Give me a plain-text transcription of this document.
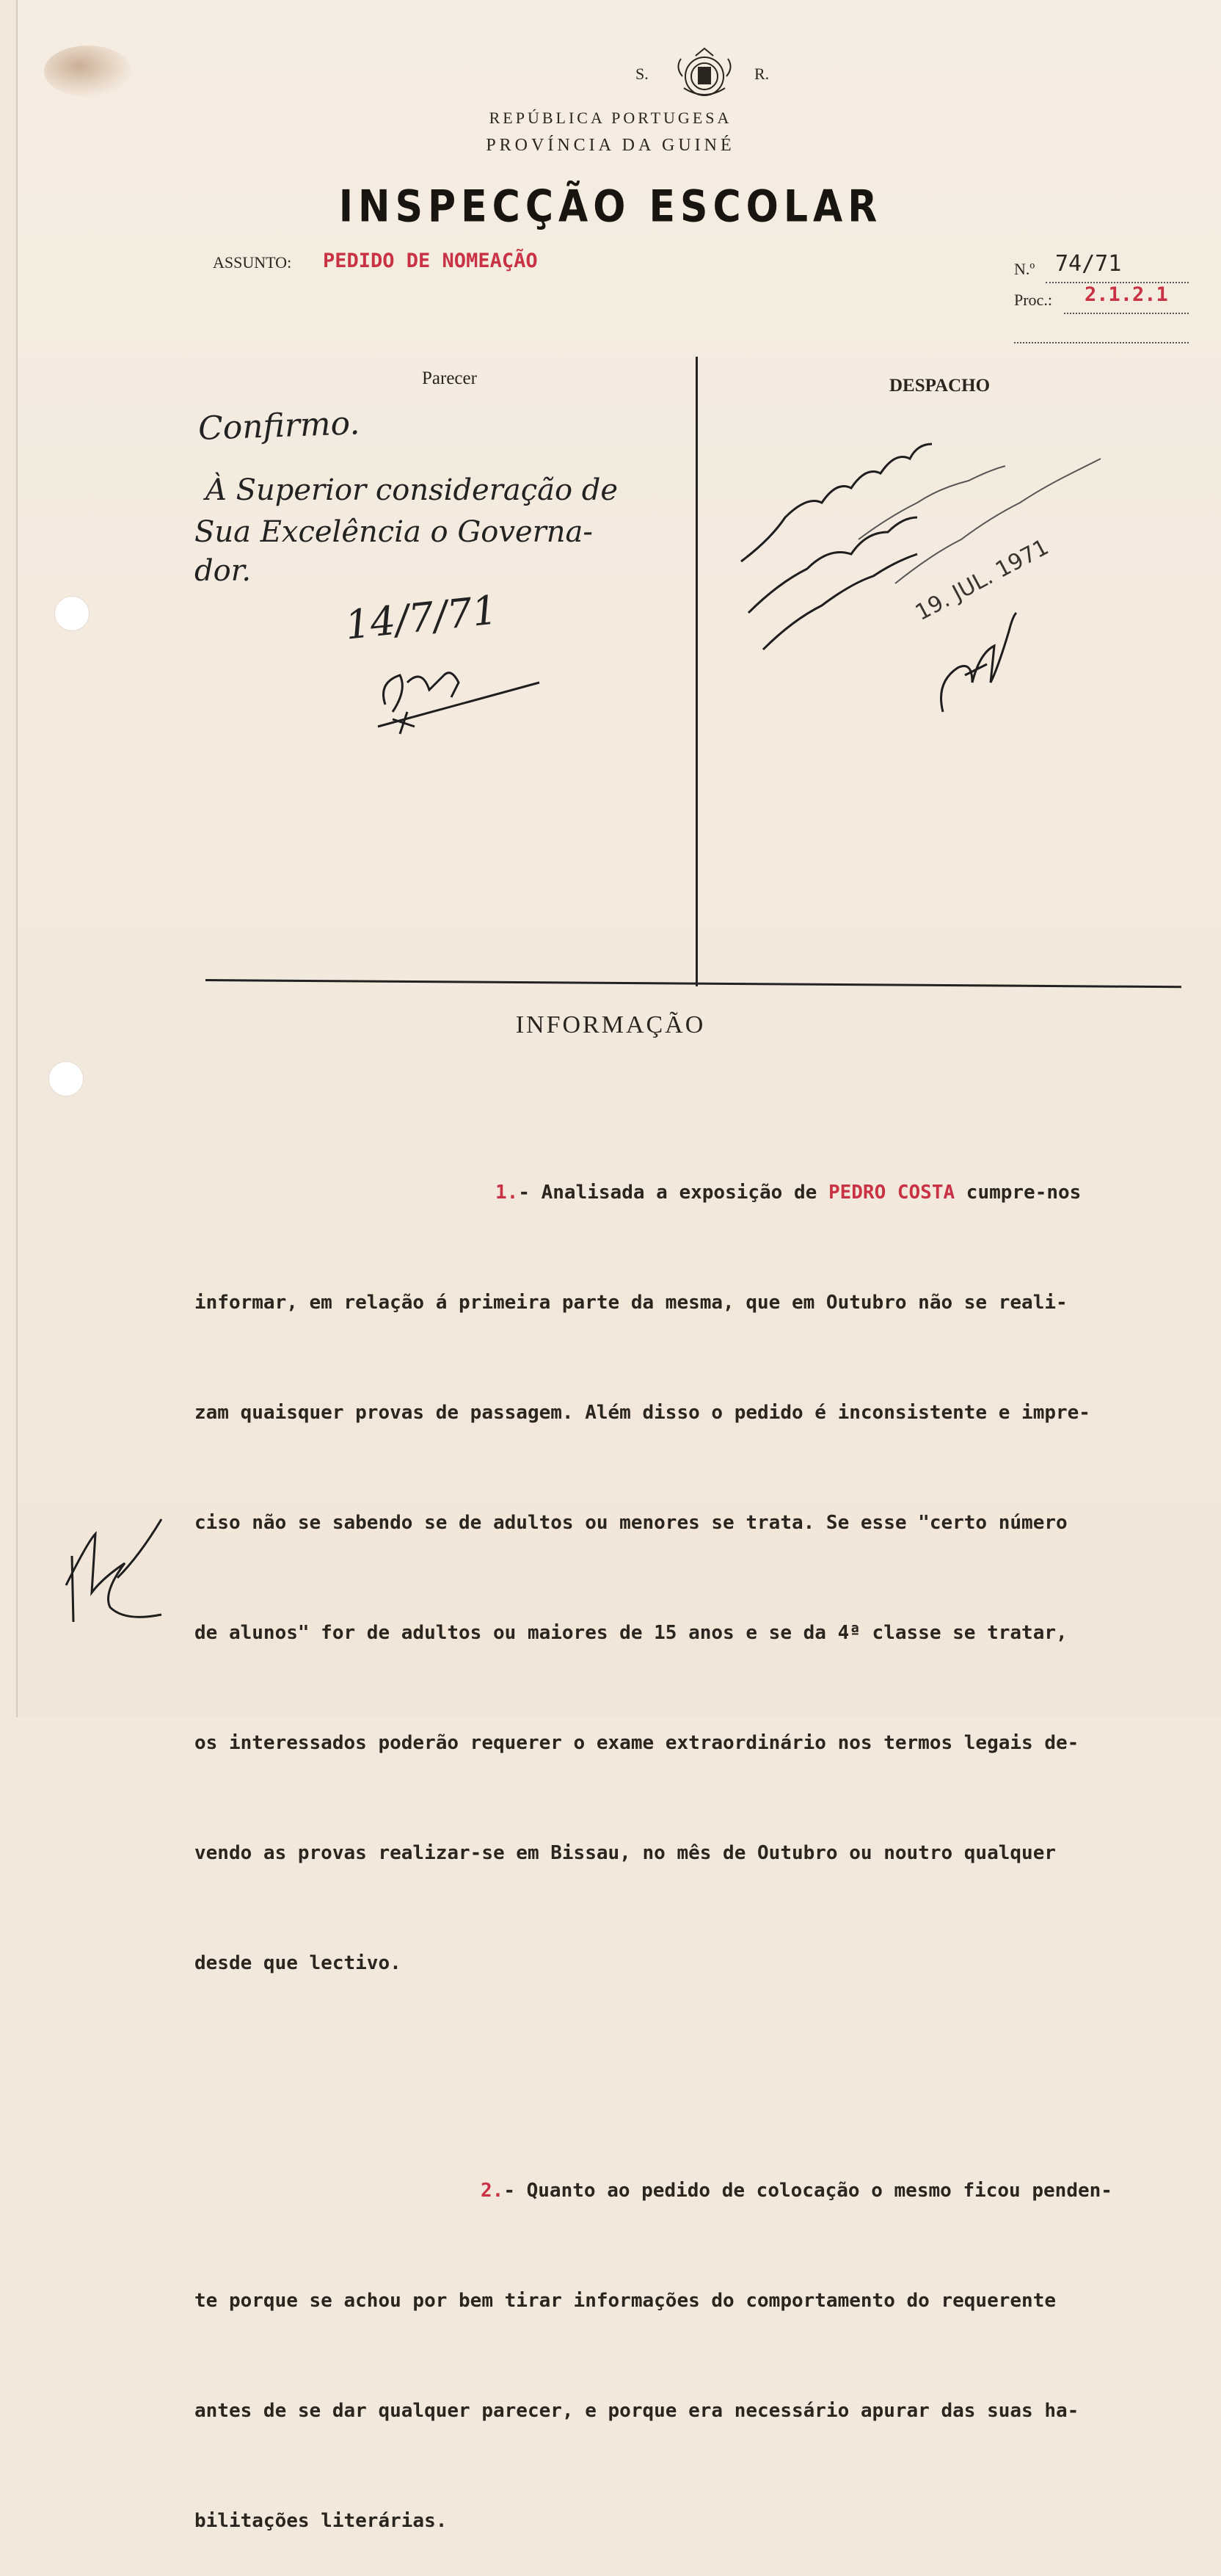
S.	R.
REPÚBLICA PORTUGESA
PROVÍNCIA DA GUINÉ
INSPECÇÃO ESCOLAR
ASSUNTO: PEDIDO DE NOMEAÇÃO	N.º 74/71
Proc.: 2.1.2.1
Parecer	DESPACHO
Confirmo.
À Superior consideração de
Sua Excelência o Governa-
dor.
14/7/71	19. JUL. 1971
INFORMAÇÃO

1.- Analisada a exposição de PEDRO COSTA cumpre-nos

informar, em relação á primeira parte da mesma, que em Outubro não se reali-

zam quaisquer provas de passagem. Além disso o pedido é inconsistente e impre-

ciso não se sabendo se de adultos ou menores se trata. Se esse "certo número

de alunos" for de adultos ou maiores de 15 anos e se da 4ª classe se tratar,

os interessados poderão requerer o exame extraordinário nos termos legais de-

vendo as provas realizar-se em Bissau, no mês de Outubro ou noutro qualquer

desde que lectivo.

2.- Quanto ao pedido de colocação o mesmo ficou penden-

te porque se achou por bem tirar informações do comportamento do requerente

antes de se dar qualquer parecer, e porque era necessário apurar das suas ha-

bilitações literárias.
